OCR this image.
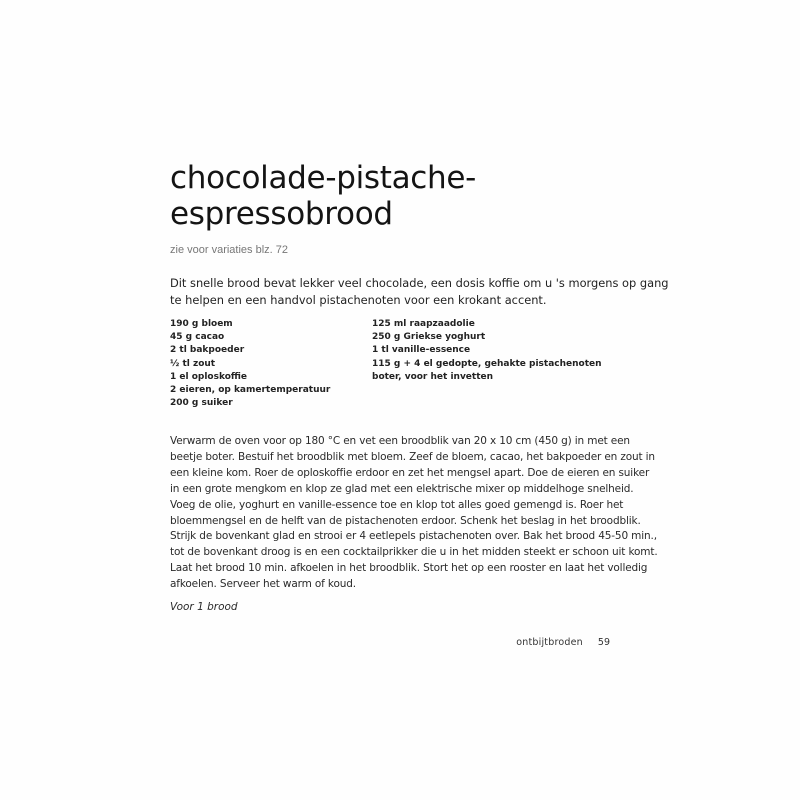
chocolade-pistache-
espressobrood

zie voor variaties blz. 72

Dit snelle brood bevat lekker veel chocolade, een dosis koffie om u 's morgens op gang
te helpen en een handvol pistachenoten voor een krokant accent.

190 g bloem
45 g cacao
2 tl bakpoeder
½ tl zout
1 el oploskoffie
2 eieren, op kamertemperatuur
200 g suiker
125 ml raapzaadolie
250 g Griekse yoghurt
1 tl vanille-essence
115 g + 4 el gedopte, gehakte pistachenoten
boter, voor het invetten

Verwarm de oven voor op 180 °C en vet een broodblik van 20 x 10 cm (450 g) in met een
beetje boter. Bestuif het broodblik met bloem. Zeef de bloem, cacao, het bakpoeder en zout in
een kleine kom. Roer de oploskoffie erdoor en zet het mengsel apart. Doe de eieren en suiker
in een grote mengkom en klop ze glad met een elektrische mixer op middelhoge snelheid.
Voeg de olie, yoghurt en vanille-essence toe en klop tot alles goed gemengd is. Roer het
bloemmengsel en de helft van de pistachenoten erdoor. Schenk het beslag in het broodblik.
Strijk de bovenkant glad en strooi er 4 eetlepels pistachenoten over. Bak het brood 45-50 min.,
tot de bovenkant droog is en een cocktailprikker die u in het midden steekt er schoon uit komt.
Laat het brood 10 min. afkoelen in het broodblik. Stort het op een rooster en laat het volledig
afkoelen. Serveer het warm of koud.

Voor 1 brood

ontbijtbroden 59
